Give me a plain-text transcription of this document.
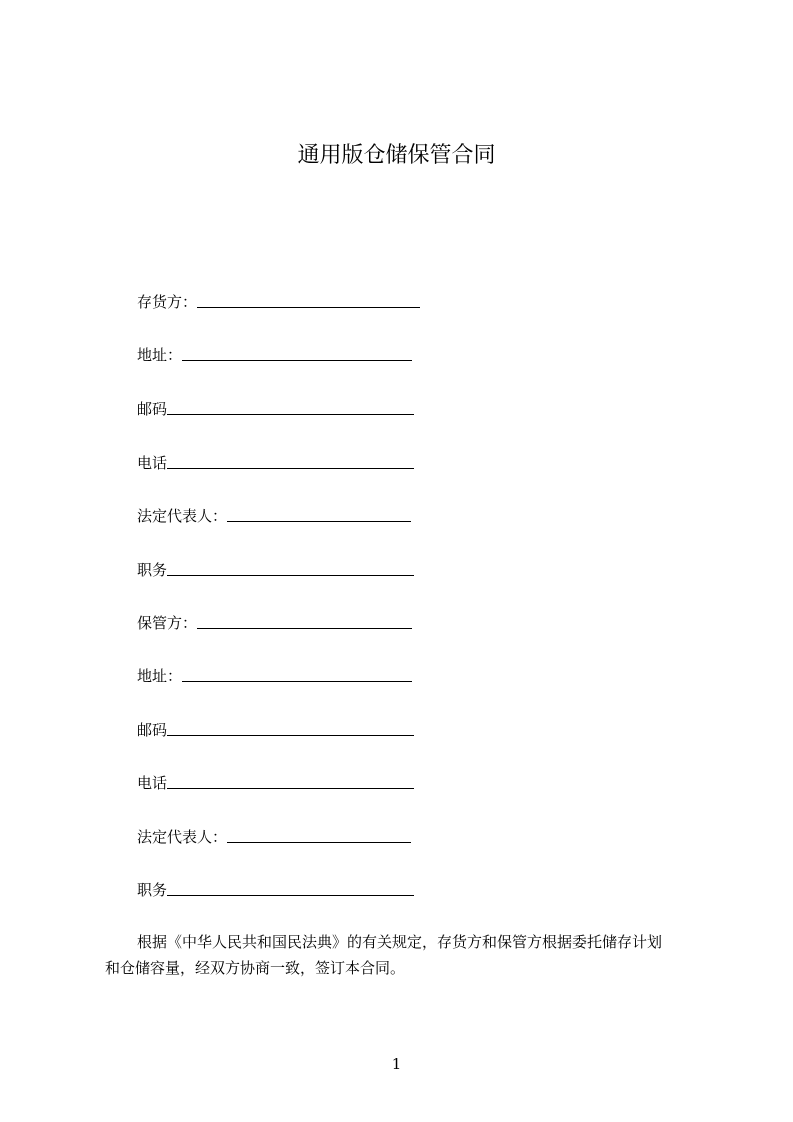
通用版仓储保管合同
存货方：
地址：
邮码
电话
法定代表人：
职务
保管方：
地址：
邮码
电话
法定代表人：
职务
根据《中华人民共和国民法典》的有关规定，存货方和保管方根据委托储存计划
和仓储容量，经双方协商一致，签订本合同。
1
